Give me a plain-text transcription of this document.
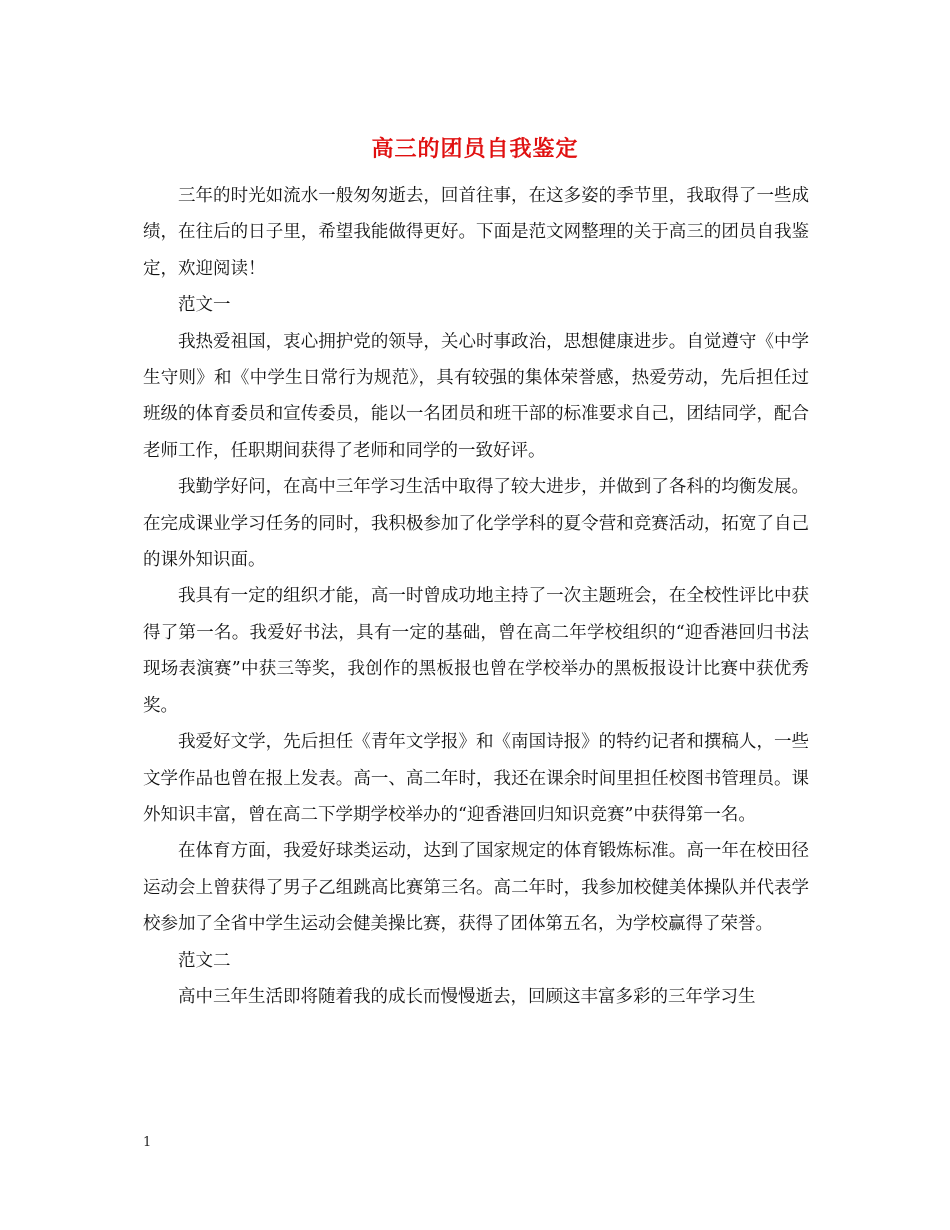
高三的团员自我鉴定

三年的时光如流水一般匆匆逝去，回首往事，在这多姿的季节里，我取得了一些成绩，在往后的日子里，希望我能做得更好。下面是范文网整理的关于高三的团员自我鉴定，欢迎阅读！

范文一

我热爱祖国，衷心拥护党的领导，关心时事政治，思想健康进步。自觉遵守《中学生守则》和《中学生日常行为规范》，具有较强的集体荣誉感，热爱劳动，先后担任过班级的体育委员和宣传委员，能以一名团员和班干部的标准要求自己，团结同学，配合老师工作，任职期间获得了老师和同学的一致好评。

我勤学好问，在高中三年学习生活中取得了较大进步，并做到了各科的均衡发展。在完成课业学习任务的同时，我积极参加了化学学科的夏令营和竞赛活动，拓宽了自己的课外知识面。

我具有一定的组织才能，高一时曾成功地主持了一次主题班会，在全校性评比中获得了第一名。我爱好书法，具有一定的基础，曾在高二年学校组织的“迎香港回归书法现场表演赛”中获三等奖，我创作的黑板报也曾在学校举办的黑板报设计比赛中获优秀奖。

我爱好文学，先后担任《青年文学报》和《南国诗报》的特约记者和撰稿人，一些文学作品也曾在报上发表。高一、高二年时，我还在课余时间里担任校图书管理员。课外知识丰富，曾在高二下学期学校举办的“迎香港回归知识竞赛”中获得第一名。

在体育方面，我爱好球类运动，达到了国家规定的体育锻炼标准。高一年在校田径运动会上曾获得了男子乙组跳高比赛第三名。高二年时，我参加校健美体操队并代表学校参加了全省中学生运动会健美操比赛，获得了团体第五名，为学校赢得了荣誉。

范文二

高中三年生活即将随着我的成长而慢慢逝去，回顾这丰富多彩的三年学习生

1
